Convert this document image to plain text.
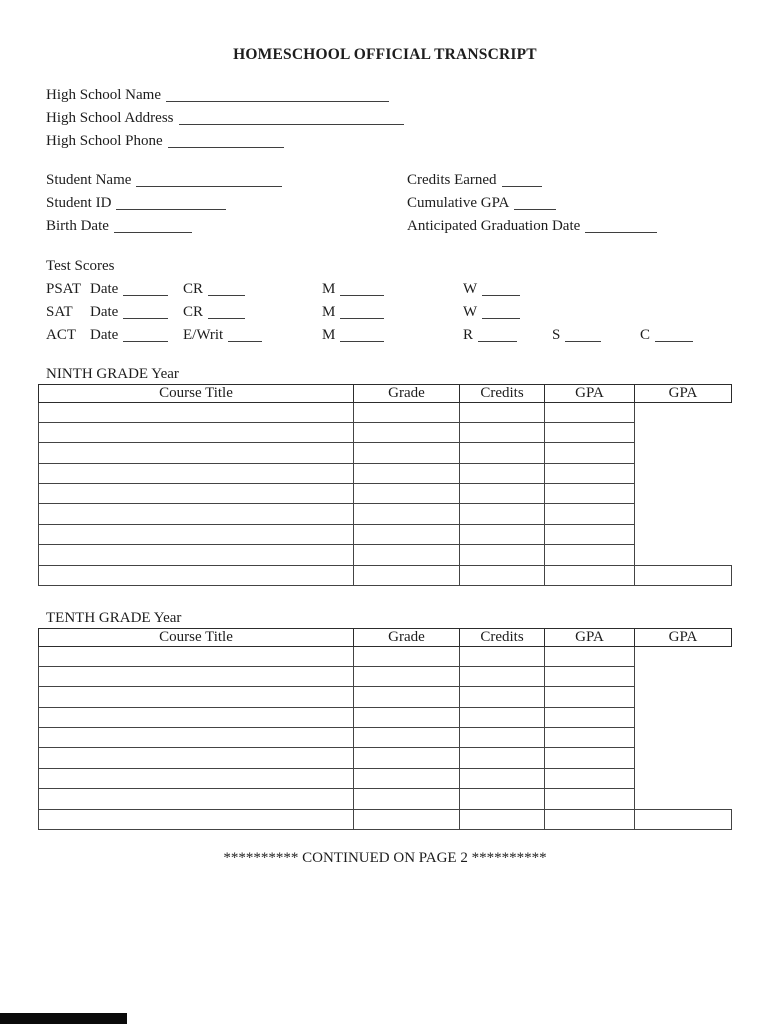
HOMESCHOOL OFFICIAL TRANSCRIPT
High School Name
High School Address
High School Phone
Student Name	Credits Earned
Student ID	Cumulative GPA
Birth Date	Anticipated Graduation Date
Test Scores
PSAT Date	CR	M	W
SAT	Date	CR	M	W
ACT Date	E/Writ	M	R	S	C
NINTH GRADE Year
Course Title	Grade	Credits	GPA	GPA

TENTH GRADE Year
Course Title	Grade	Credits	GPA	GPA

********** CONTINUED ON PAGE 2 **********
